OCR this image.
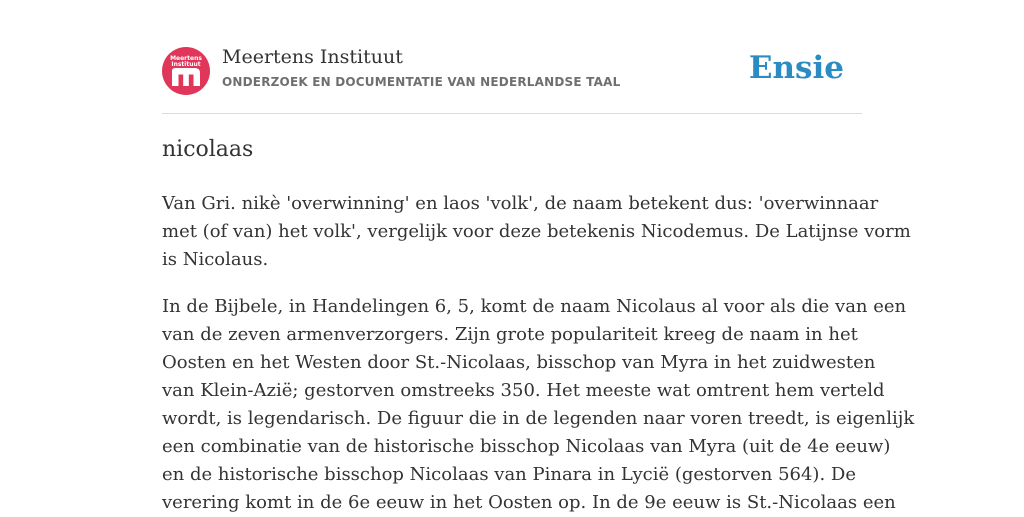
Meertens
Instituut	Meertens Instituut
ONDERZOEK EN DOCUMENTATIE VAN NEDERLANDSE TAAL	Ensie
nicolaas

Van Gri. nikè 'overwinning' en laos 'volk', de naam betekent dus: 'overwinnaar
met (of van) het volk', vergelijk voor deze betekenis Nicodemus. De Latijnse vorm
is Nicolaus.

In de Bijbele, in Handelingen 6, 5, komt de naam Nicolaus al voor als die van een
van de zeven armenverzorgers. Zijn grote populariteit kreeg de naam in het
Oosten en het Westen door St.-Nicolaas, bisschop van Myra in het zuidwesten
van Klein-Azië; gestorven omstreeks 350. Het meeste wat omtrent hem verteld
wordt, is legendarisch. De figuur die in de legenden naar voren treedt, is eigenlijk
een combinatie van de historische bisschop Nicolaas van Myra (uit de 4e eeuw)
en de historische bisschop Nicolaas van Pinara in Lycië (gestorven 564). De
verering komt in de 6e eeuw in het Oosten op. In de 9e eeuw is St.-Nicolaas een
